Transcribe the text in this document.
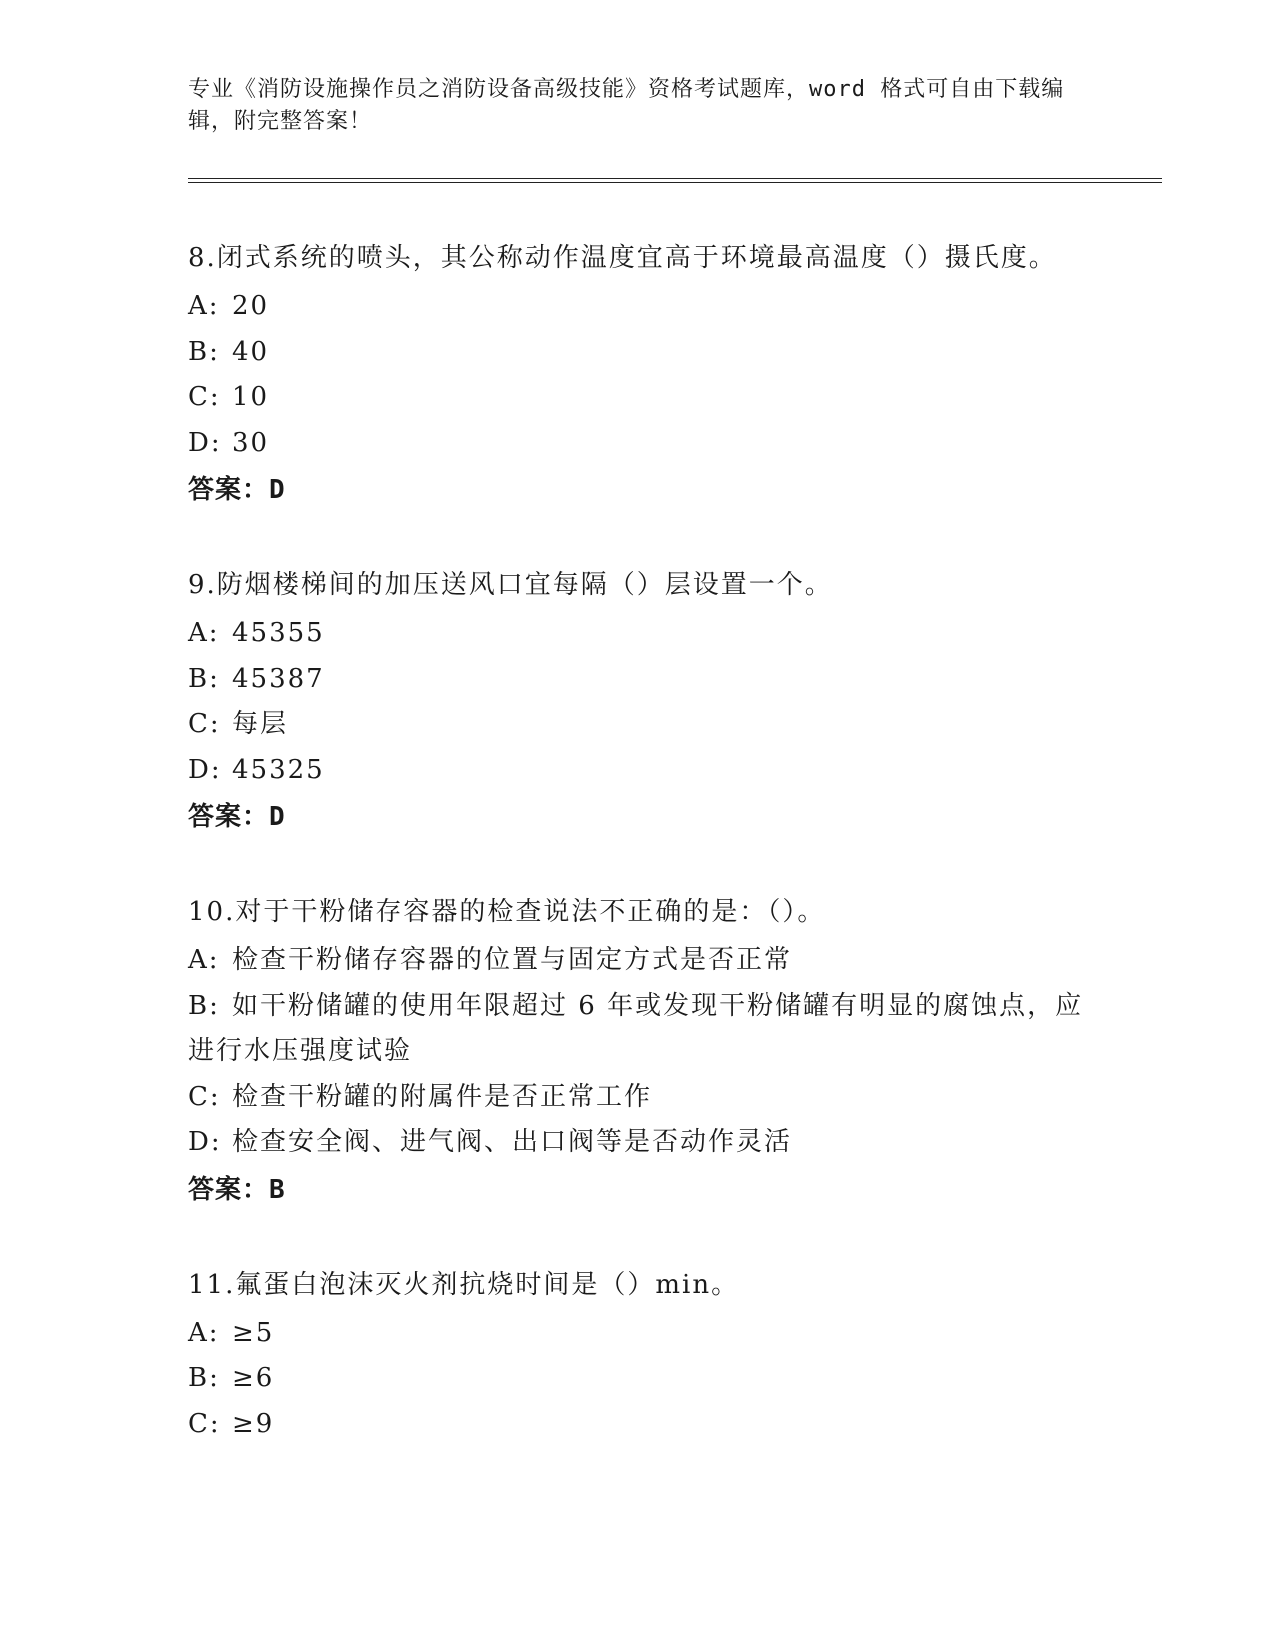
专业《消防设施操作员之消防设备高级技能》资格考试题库，word 格式可自由下载编辑，附完整答案！

8.闭式系统的喷头，其公称动作温度宜高于环境最高温度（）摄氏度。

A: 20

B: 40

C: 10

D: 30

答案：D

9.防烟楼梯间的加压送风口宜每隔（）层设置一个。

A: 45355

B: 45387

C: 每层

D: 45325

答案：D

10.对于干粉储存容器的检查说法不正确的是：（）。

A: 检查干粉储存容器的位置与固定方式是否正常

B: 如干粉储罐的使用年限超过 6 年或发现干粉储罐有明显的腐蚀点，应进行水压强度试验

C: 检查干粉罐的附属件是否正常工作

D: 检查安全阀、进气阀、出口阀等是否动作灵活

答案：B

11.氟蛋白泡沫灭火剂抗烧时间是（）min。

A: ≥5

B: ≥6

C: ≥9
